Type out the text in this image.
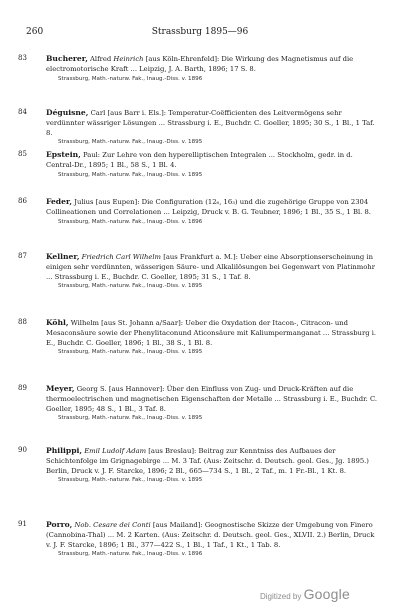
260	Strassburg 1895—96
83	Bucherer, Alfred Heinrich [aus Köln-Ehrenfeld]: Die Wirkung des Magnetismus auf die electromotorische Kraft ... Leipzig, J. A. Barth, 1896; 17 S. 8.
Strassburg, Math.-naturw. Fak., Inaug.-Diss. v. 1896
84	Déguisne, Carl [aus Barr i. Els.]: Temperatur-Coëfficienten des Leitvermögens sehr verdünnter wässriger Lösungen ... Strassburg i. E., Buchdr. C. Goeller, 1895; 30 S., 1 Bl., 1 Taf. 8.
Strassburg, Math.-naturw. Fak., Inaug.-Diss. v. 1895
85	Epstein, Paul: Zur Lehre von den hyperelliptischen Integralen ... Stockholm, gedr. in d. Central-Dr., 1895; 1 Bl., 58 S., 1 Bl. 4.
Strassburg, Math.-naturw. Fak., Inaug.-Diss. v. 1895
86	Feder, Julius [aus Eupen]: Die Configuration (12₆, 16₃) und die zugehörige Gruppe von 2304 Collineationen und Correlationen ... Leipzig, Druck v. B. G. Teubner, 1896; 1 Bl., 35 S., 1 Bl. 8.
Strassburg, Math.-naturw. Fak., Inaug.-Diss. v. 1896
87	Kellner, Friedrich Carl Wilhelm [aus Frankfurt a. M.]: Ueber eine Absorptionserscheinung in einigen sehr verdünnten, wässerigen Säure- und Alkalilösungen bei Gegenwart von Platinmohr ... Strassburg i. E., Buchdr. C. Goeller, 1895; 31 S., 1 Taf. 8.
Strassburg, Math.-naturw. Fak., Inaug.-Diss. v. 1895
88	Köhl, Wilhelm [aus St. Johann a/Saar]: Ueber die Oxydation der Itacon-, Citracon- und Mesaconsäure sowie der Phenylitaconund Aticonsäure mit Kaliumpermanganat ... Strassburg i. E., Buchdr. C. Goeller, 1896; 1 Bl., 38 S., 1 Bl. 8.
Strassburg, Math.-naturw. Fak., Inaug.-Diss. v. 1895
89	Meyer, Georg S. [aus Hannover]: Über den Einfluss von Zug- und Druck-Kräften auf die thermoelectrischen und magnetischen Eigenschaften der Metalle ... Strassburg i. E., Buchdr. C. Goeller, 1895; 48 S., 1 Bl., 3 Taf. 8.
Strassburg, Math.-naturw. Fak., Inaug.-Diss. v. 1895
90	Philippi, Emil Ludolf Adam [aus Breslau]: Beitrag zur Kenntniss des Aufbaues der Schichtenfolge im Grignagebirge ... M. 3 Taf. (Aus: Zeitschr. d. Deutsch. geol. Ges., Jg. 1895.) Berlin, Druck v. J. F. Starcke, 1896; 2 Bl., 665—734 S., 1 Bl., 2 Taf., m. 1 Fr.-Bl., 1 Kt. 8.
Strassburg, Math.-naturw. Fak., Inaug.-Diss. v. 1895
91	Porro, Nob. Cesare dei Conti [aus Mailand]: Geognostische Skizze der Umgebung von Finero (Cannobina-Thal) ... M. 2 Karten. (Aus: Zeitschr. d. Deutsch. geol. Ges., XLVII. 2.) Berlin, Druck v. J. F. Starcke, 1896; 1 Bl., 377—422 S., 1 Bl., 1 Taf., 1 Kt., 1 Tab. 8.
Strassburg, Math.-naturw. Fak., Inaug.-Diss. v. 1896
Digitized by Google
